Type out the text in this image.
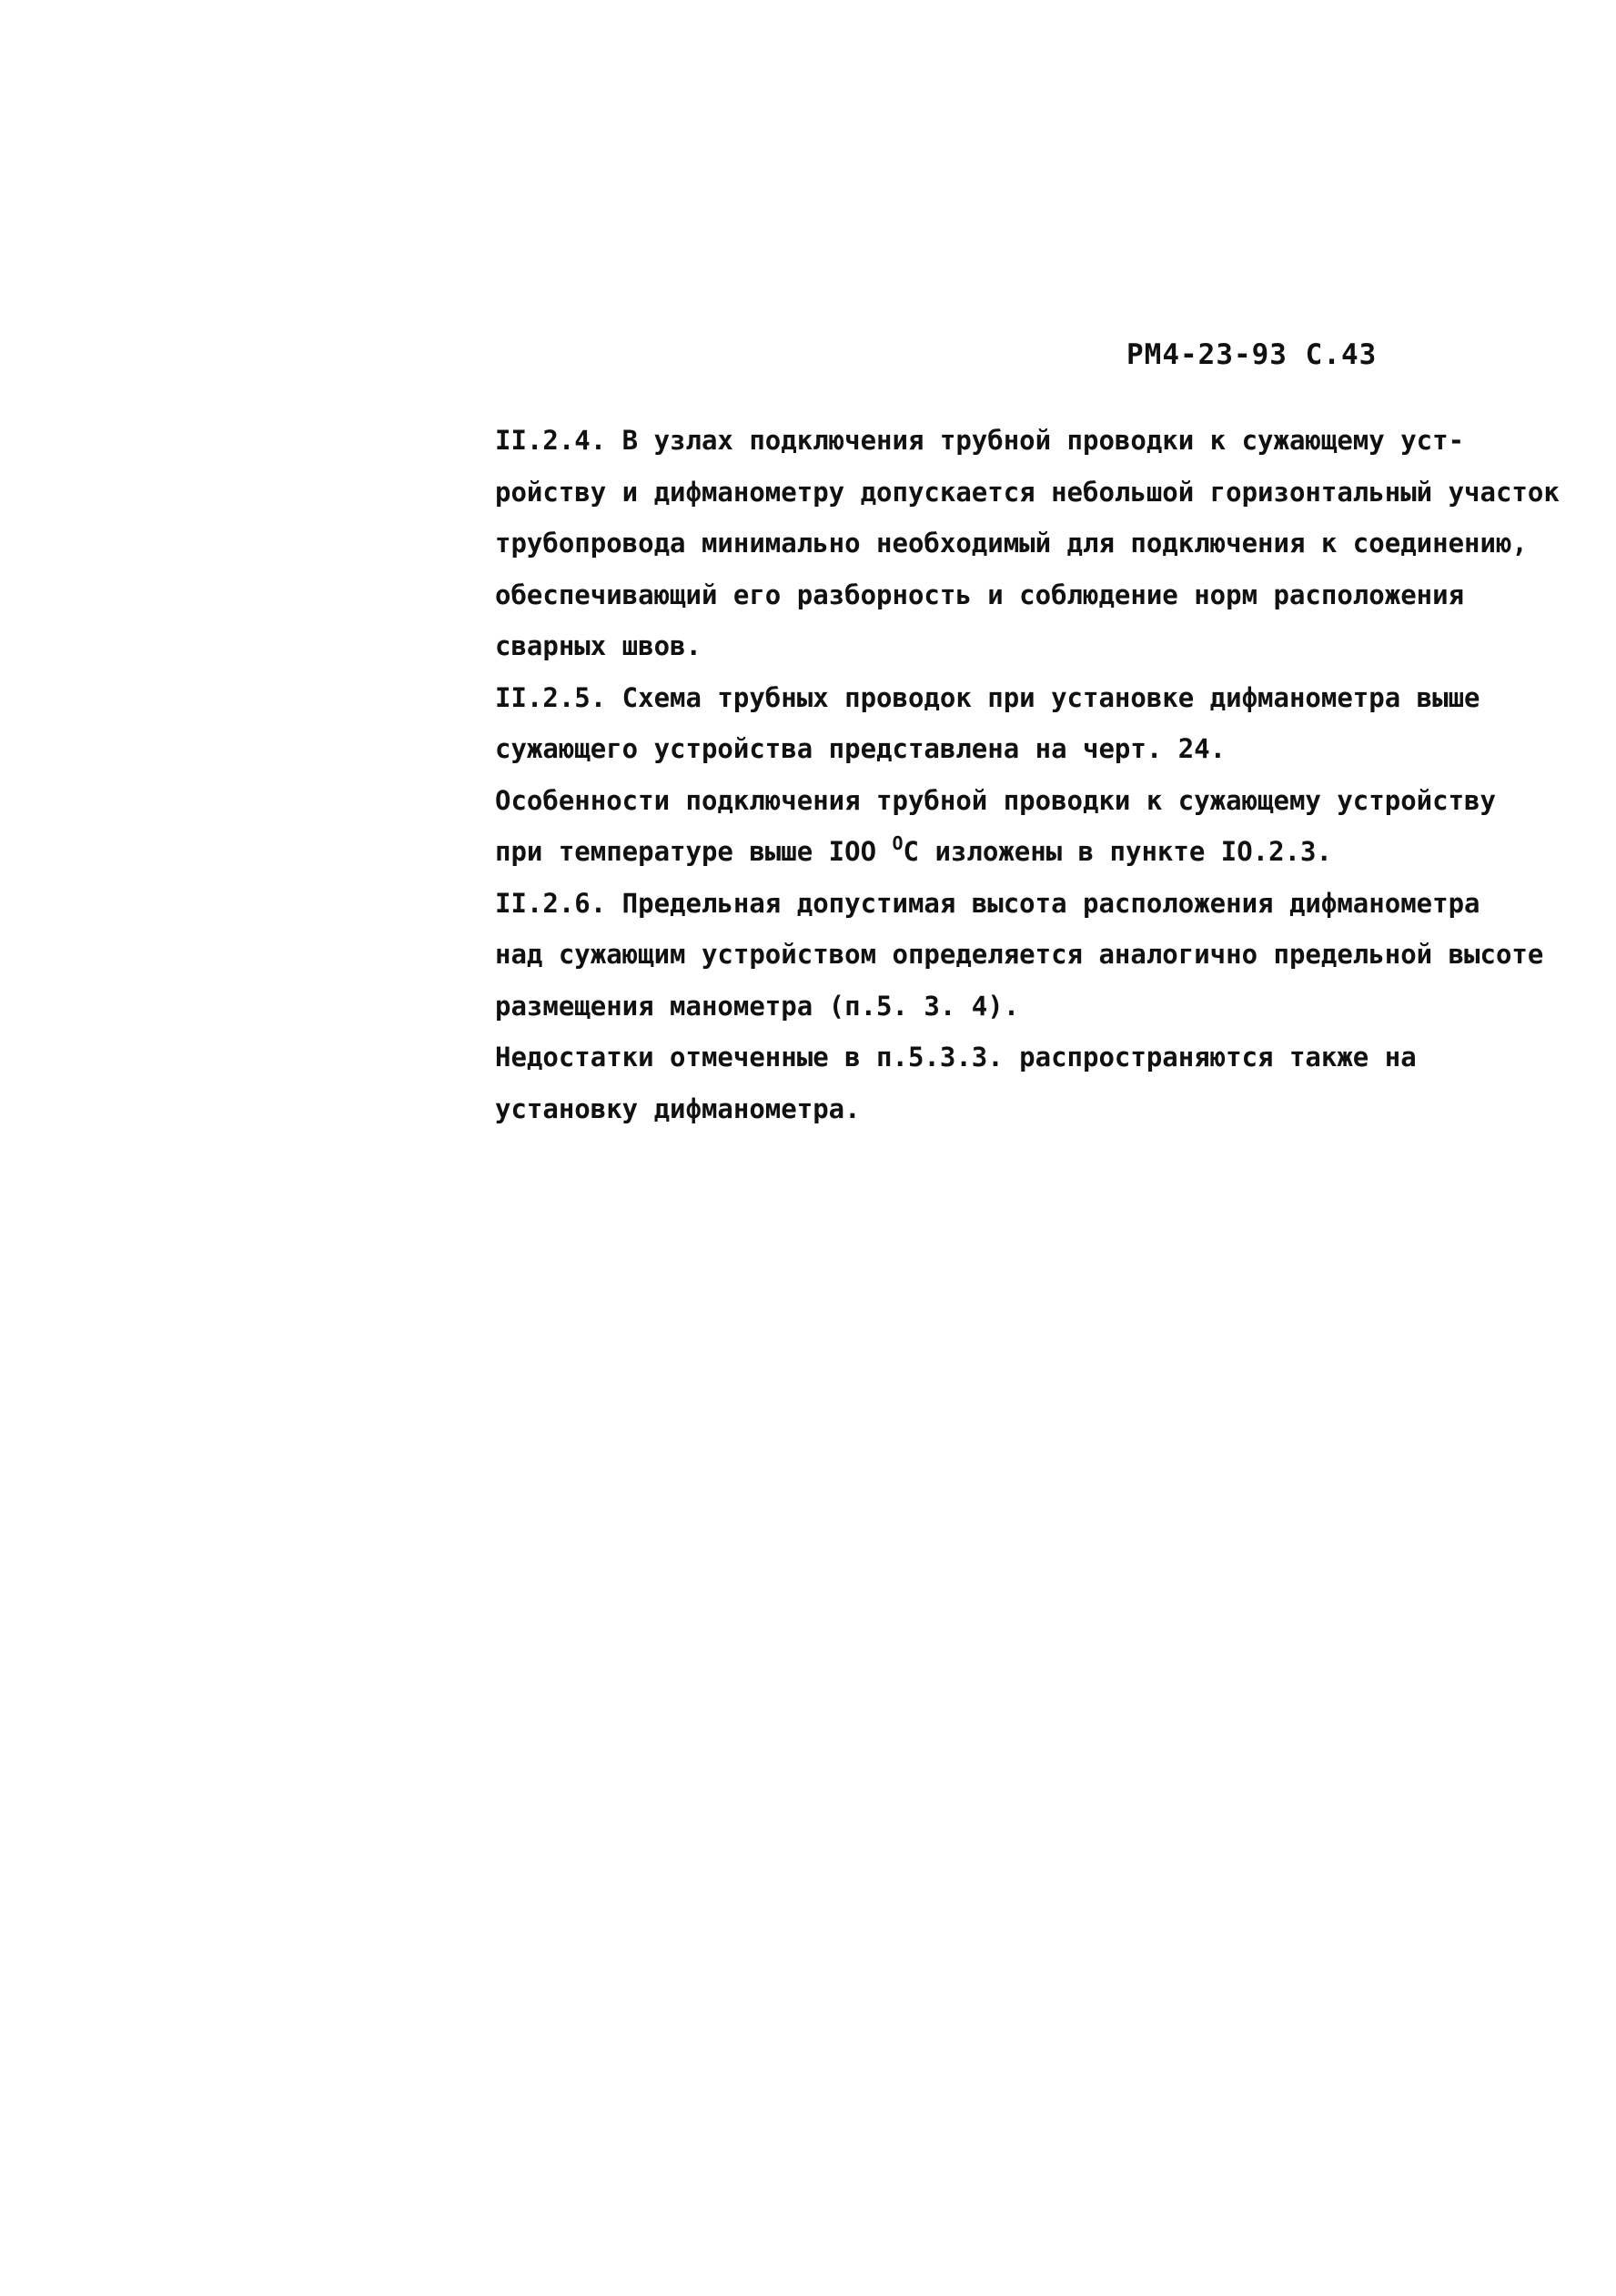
РМ4-23-93 С.43

II.2.4. В узлах подключения трубной проводки к сужающему уст-
ройству и дифманометру допускается небольшой горизонтальный участок
трубопровода минимально необходимый для подключения к соединению,
обеспечивающий его разборность и соблюдение норм расположения
сварных швов.

II.2.5. Схема трубных проводок при установке дифманометра выше
сужающего устройства представлена на черт. 24.

Особенности подключения трубной проводки к сужающему устройству
при температуре выше IOO $^О$С изложены в пункте IO.2.3.

II.2.6. Предельная допустимая высота расположения дифманометра
над сужающим устройством определяется аналогично предельной высоте
размещения манометра (п.5. 3. 4).

Недостатки отмеченные в п.5.3.3. распространяются также на
установку дифманометра.
